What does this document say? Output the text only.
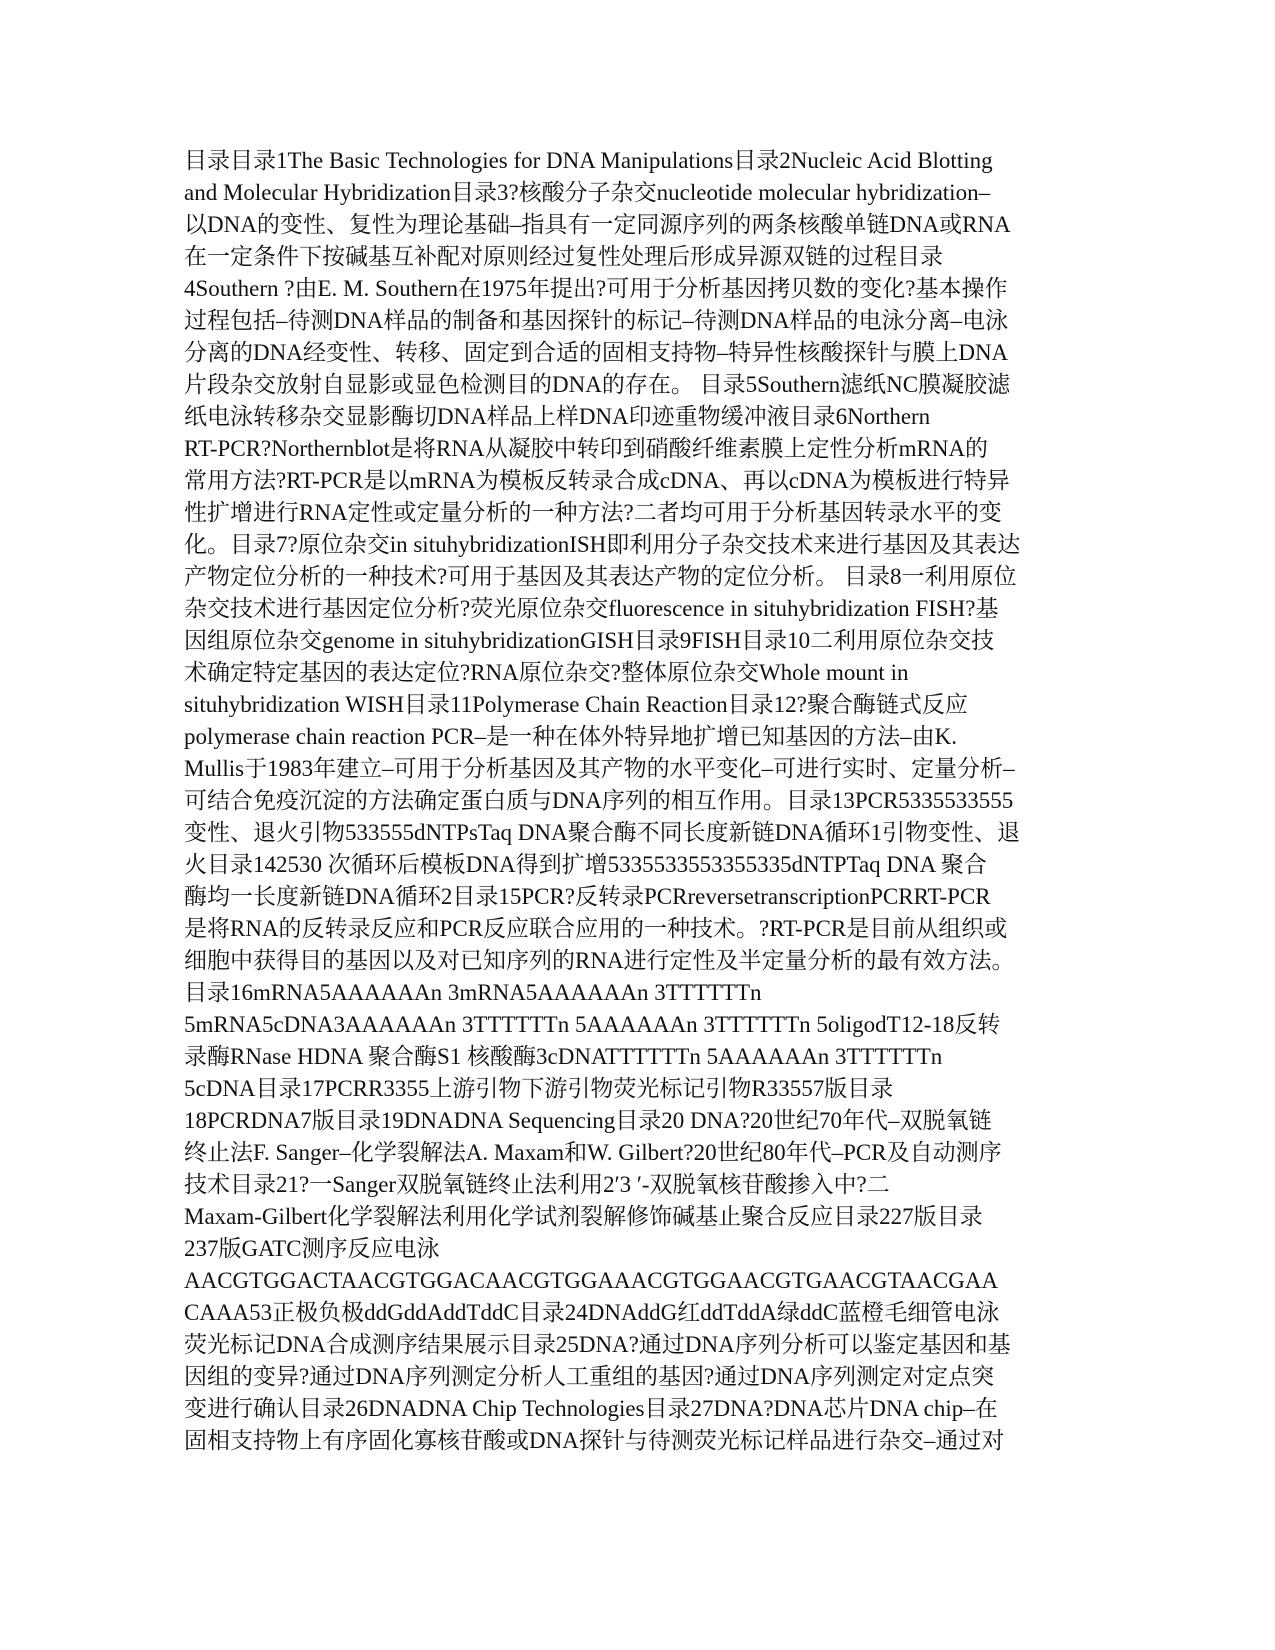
目录目录1The Basic Technologies for DNA Manipulations目录2Nucleic Acid Blotting
and Molecular Hybridization目录3?核酸分子杂交nucleotide molecular hybridization–
以DNA的变性、复性为理论基础–指具有一定同源序列的两条核酸单链DNA或RNA
在一定条件下按碱基互补配对原则经过复性处理后形成异源双链的过程目录
4Southern ?由E. M. Southern在1975年提出?可用于分析基因拷贝数的变化?基本操作
过程包括–待测DNA样品的制备和基因探针的标记–待测DNA样品的电泳分离–电泳
分离的DNA经变性、转移、固定到合适的固相支持物–特异性核酸探针与膜上DNA
片段杂交放射自显影或显色检测目的DNA的存在。 目录5Southern滤纸NC膜凝胶滤
纸电泳转移杂交显影酶切DNA样品上样DNA印迹重物缓冲液目录6Northern
RT-PCR?Northernblot是将RNA从凝胶中转印到硝酸纤维素膜上定性分析mRNA的
常用方法?RT-PCR是以mRNA为模板反转录合成cDNA、再以cDNA为模板进行特异
性扩增进行RNA定性或定量分析的一种方法?二者均可用于分析基因转录水平的变
化。目录7?原位杂交in situhybridizationISH即利用分子杂交技术来进行基因及其表达
产物定位分析的一种技术?可用于基因及其表达产物的定位分析。 目录8一利用原位
杂交技术进行基因定位分析?荧光原位杂交fluorescence in situhybridization FISH?基
因组原位杂交genome in situhybridizationGISH目录9FISH目录10二利用原位杂交技
术确定特定基因的表达定位?RNA原位杂交?整体原位杂交Whole mount in
situhybridization WISH目录11Polymerase Chain Reaction目录12?聚合酶链式反应
polymerase chain reaction PCR–是一种在体外特异地扩增已知基因的方法–由K.
Mullis于1983年建立–可用于分析基因及其产物的水平变化–可进行实时、定量分析–
可结合免疫沉淀的方法确定蛋白质与DNA序列的相互作用。目录13PCR5335533555
变性、退火引物533555dNTPsTaq DNA聚合酶不同长度新链DNA循环1引物变性、退
火目录142530 次循环后模板DNA得到扩增5335533553355335dNTPTaq DNA 聚合
酶均一长度新链DNA循环2目录15PCR?反转录PCRreversetranscriptionPCRRT-PCR
是将RNA的反转录反应和PCR反应联合应用的一种技术。?RT-PCR是目前从组织或
细胞中获得目的基因以及对已知序列的RNA进行定性及半定量分析的最有效方法。
目录16mRNA5AAAAAAn 3mRNA5AAAAAAn 3TTTTTTn
5mRNA5cDNA3AAAAAAn 3TTTTTTn 5AAAAAAn 3TTTTTTn 5oligodT12-18反转
录酶RNase HDNA 聚合酶S1 核酸酶3cDNATTTTTTn 5AAAAAAn 3TTTTTTn
5cDNA目录17PCRR3355上游引物下游引物荧光标记引物R33557版目录
18PCRDNA7版目录19DNADNA Sequencing目录20 DNA?20世纪70年代–双脱氧链
终止法F. Sanger–化学裂解法A. Maxam和W. Gilbert?20世纪80年代–PCR及自动测序
技术目录21?一Sanger双脱氧链终止法利用2′3 ′-双脱氧核苷酸掺入中?二
Maxam-Gilbert化学裂解法利用化学试剂裂解修饰碱基止聚合反应目录227版目录
237版GATC测序反应电泳
AACGTGGACTAACGTGGACAACGTGGAAACGTGGAACGTGAACGTAACGAA
CAAA53正极负极ddGddAddTddC目录24DNAddG红ddTddA绿ddC蓝橙毛细管电泳
荧光标记DNA合成测序结果展示目录25DNA?通过DNA序列分析可以鉴定基因和基
因组的变异?通过DNA序列测定分析人工重组的基因?通过DNA序列测定对定点突
变进行确认目录26DNADNA Chip Technologies目录27DNA?DNA芯片DNA chip–在
固相支持物上有序固化寡核苷酸或DNA探针与待测荧光标记样品进行杂交–通过对
